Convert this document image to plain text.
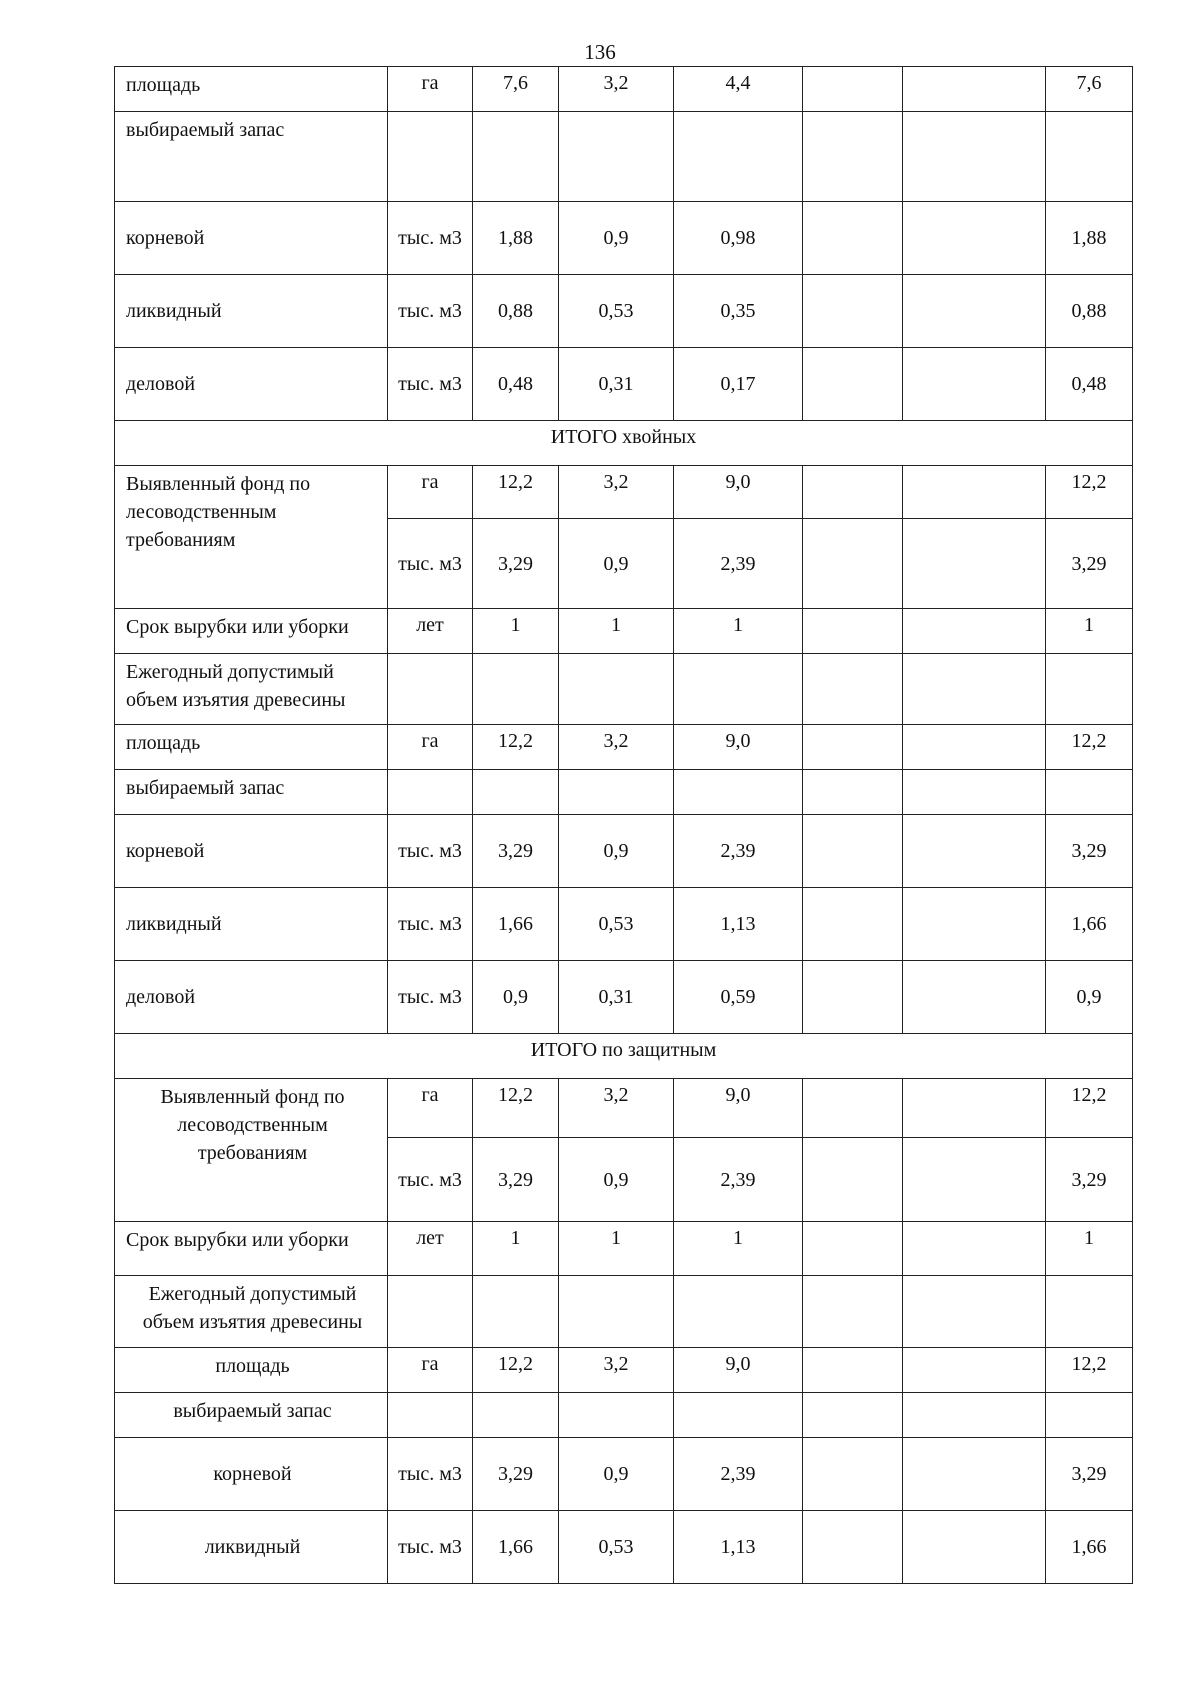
136
площадь	га	7,6	3,2	4,4			7,6
выбираемый запас							
корневой	тыс. м3	1,88	0,9	0,98			1,88
ликвидный	тыс. м3	0,88	0,53	0,35			0,88
деловой	тыс. м3	0,48	0,31	0,17			0,48
ИТОГО хвойных							
Выявленный фонд по лесоводственным требованиям	га	12,2	3,2	9,0			12,2
	тыс. м3	3,29	0,9	2,39			3,29
Срок вырубки или уборки	лет	1	1	1			1
Ежегодный допустимый объем изъятия древесины							
площадь	га	12,2	3,2	9,0			12,2
выбираемый запас							
корневой	тыс. м3	3,29	0,9	2,39			3,29
ликвидный	тыс. м3	1,66	0,53	1,13			1,66
деловой	тыс. м3	0,9	0,31	0,59			0,9
ИТОГО по защитным							
Выявленный фонд по лесоводственным требованиям	га	12,2	3,2	9,0			12,2
	тыс. м3	3,29	0,9	2,39			3,29
Срок вырубки или уборки	лет	1	1	1			1
Ежегодный допустимый объем изъятия древесины							
площадь	га	12,2	3,2	9,0			12,2
выбираемый запас							
корневой	тыс. м3	3,29	0,9	2,39			3,29
ликвидный	тыс. м3	1,66	0,53	1,13			1,66
